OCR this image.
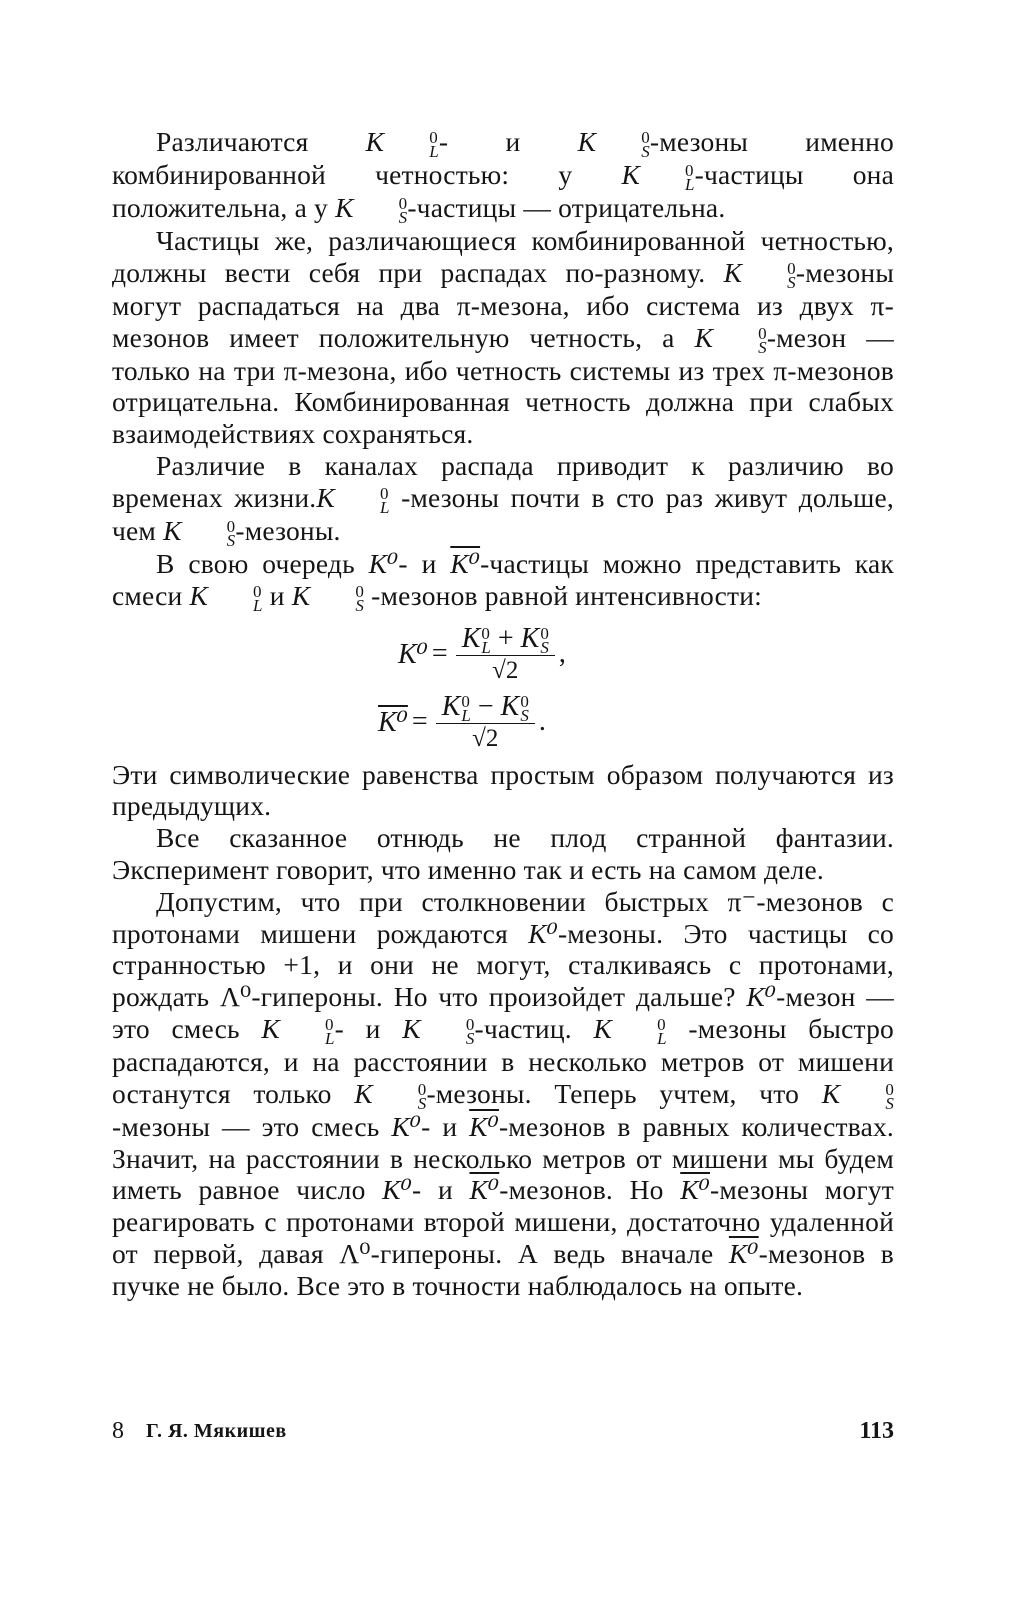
Различаются K	0
L - и K	0
S -мезоны именно комбинированной четностью: у K	0
L -частицы она положительна, а у K	0
S -частицы — отрицательна.

Частицы же, различающиеся комбинированной четностью, должны вести себя при распадах по-разному. K	0
S -мезоны могут распадаться на два π-мезона, ибо система из двух π-мезонов имеет положительную четность, а K	0
S -мезон — только на три π-мезона, ибо четность системы из трех π-мезонов отрицательна. Комбинированная четность должна при слабых взаимодействиях сохраняться.

Различие в каналах распада приводит к различию во временах жизни.K	0
L -мезоны почти в сто раз живут дольше, чем K	0
S -мезоны.

В свою очередь K⁰- и K⁰-частицы можно представить как смеси K	0
L и K	0
S -мезонов равной интенсивности:

K⁰ = K 0
L + K 0
S
√2 ,
K⁰ = K 0
L − K 0
S
√2 .

Эти символические равенства простым образом получаются из предыдущих.

Все сказанное отнюдь не плод странной фантазии. Эксперимент говорит, что именно так и есть на самом деле.

Допустим, что при столкновении быстрых π⁻-мезонов с протонами мишени рождаются K⁰-мезоны. Это частицы со странностью +1, и они не могут, сталкиваясь с протонами, рождать Λ⁰-гипероны. Но что произойдет дальше? K⁰-мезон — это смесь K	0
L - и K	0
S -частиц. K	0
L -мезоны быстро распадаются, и на расстоянии в несколько метров от мишени останутся только K	0
S -мезоны. Теперь учтем, что K	0
S
-мезоны — это смесь K⁰- и K⁰-мезонов в равных количествах. Значит, на расстоянии в несколько метров от мишени мы будем иметь равное число K⁰- и K⁰-мезонов. Но K⁰-мезоны могут реагировать с протонами второй мишени, достаточно удаленной от первой, давая Λ⁰-гипероны. А ведь вначале K⁰-мезонов в пучке не было. Все это в точности наблюдалось на опыте.

8 Г. Я. Мякишев	113
